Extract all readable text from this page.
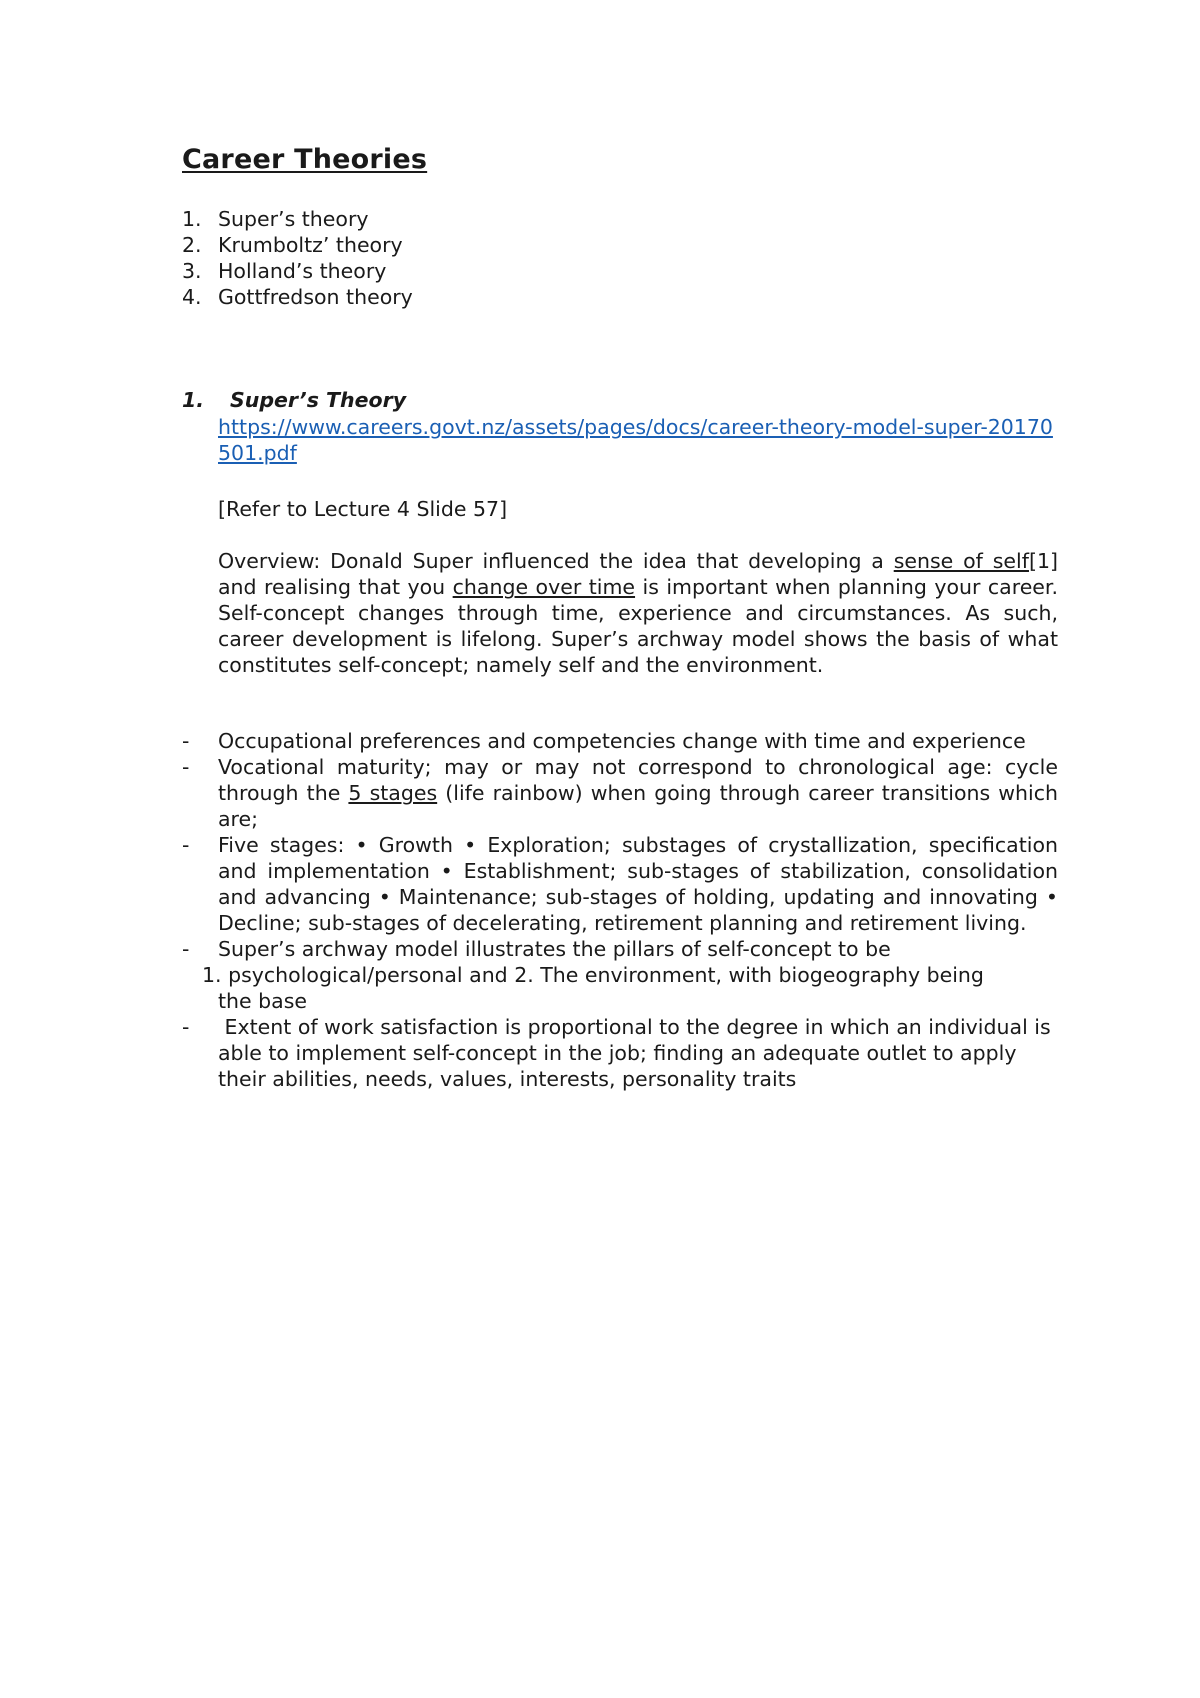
Career Theories
1. Super’s theory
2. Krumboltz’ theory
3. Holland’s theory
4. Gottfredson theory
1.	Super’s Theory
https://www.careers.govt.nz/assets/pages/docs/career-theory-model-super-20170501.pdf
[Refer to Lecture 4 Slide 57]
Overview: Donald Super influenced the idea that developing a sense of self[1] and realising that you change over time is important when planning your career. Self-concept changes through time, experience and circumstances. As such, career development is lifelong. Super’s archway model shows the basis of what constitutes self-concept; namely self and the environment.
-	Occupational preferences and competencies change with time and experience
-	Vocational maturity; may or may not correspond to chronological age: cycle through the 5 stages (life rainbow) when going through career transitions which are;
-	Five stages: • Growth • Exploration; substages of crystallization, specification and implementation • Establishment; sub-stages of stabilization, consolidation and advancing • Maintenance; sub-stages of holding, updating and innovating • Decline; sub-stages of decelerating, retirement planning and retirement living.
-	Super’s archway model illustrates the pillars of self-concept to be
1. psychological/personal and 2. The environment, with biogeography being
the base
-	Extent of work satisfaction is proportional to the degree in which an individual is able to implement self-concept in the job; finding an adequate outlet to apply their abilities, needs, values, interests, personality traits
